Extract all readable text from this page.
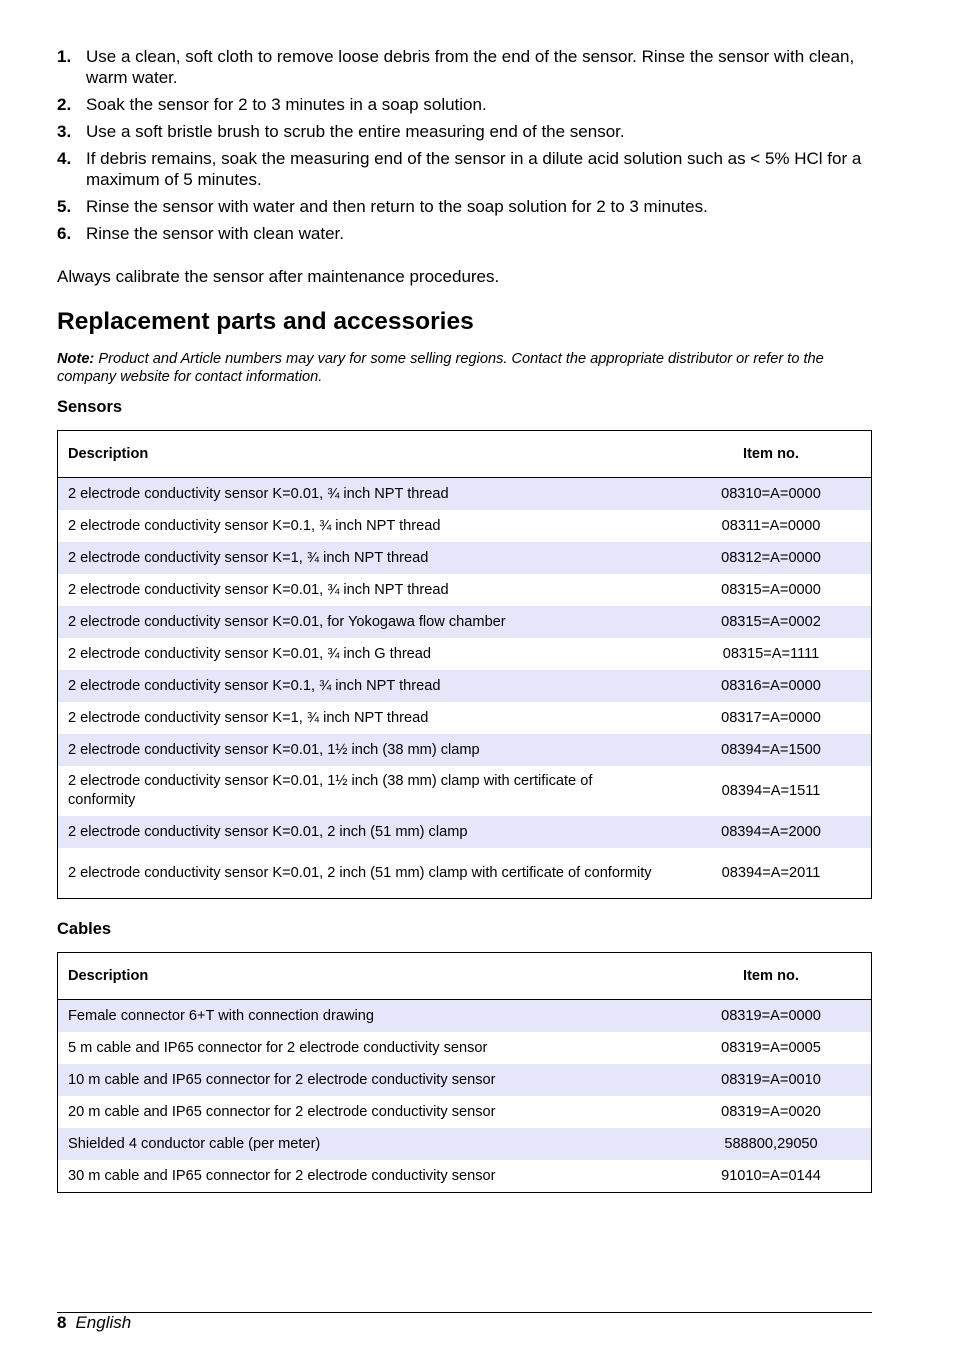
1. Use a clean, soft cloth to remove loose debris from the end of the sensor. Rinse the sensor with clean, warm water.
2. Soak the sensor for 2 to 3 minutes in a soap solution.
3. Use a soft bristle brush to scrub the entire measuring end of the sensor.
4. If debris remains, soak the measuring end of the sensor in a dilute acid solution such as < 5% HCl for a maximum of 5 minutes.
5. Rinse the sensor with water and then return to the soap solution for 2 to 3 minutes.
6. Rinse the sensor with clean water.
Always calibrate the sensor after maintenance procedures.
Replacement parts and accessories
Note: Product and Article numbers may vary for some selling regions. Contact the appropriate distributor or refer to the company website for contact information.
Sensors
Description	Item no.
2 electrode conductivity sensor K=0.01, ¾ inch NPT thread	08310=A=0000
2 electrode conductivity sensor K=0.1, ¾ inch NPT thread	08311=A=0000
2 electrode conductivity sensor K=1, ¾ inch NPT thread	08312=A=0000
2 electrode conductivity sensor K=0.01, ¾ inch NPT thread	08315=A=0000
2 electrode conductivity sensor K=0.01, for Yokogawa flow chamber	08315=A=0002
2 electrode conductivity sensor K=0.01, ¾ inch G thread	08315=A=1111
2 electrode conductivity sensor K=0.1, ¾ inch NPT thread	08316=A=0000
2 electrode conductivity sensor K=1, ¾ inch NPT thread	08317=A=0000
2 electrode conductivity sensor K=0.01, 1½ inch (38 mm) clamp	08394=A=1500
2 electrode conductivity sensor K=0.01, 1½ inch (38 mm) clamp with certificate of conformity	08394=A=1511
2 electrode conductivity sensor K=0.01, 2 inch (51 mm) clamp	08394=A=2000
2 electrode conductivity sensor K=0.01, 2 inch (51 mm) clamp with certificate of conformity	08394=A=2011
Cables
Description	Item no.
Female connector 6+T with connection drawing	08319=A=0000
5 m cable and IP65 connector for 2 electrode conductivity sensor	08319=A=0005
10 m cable and IP65 connector for 2 electrode conductivity sensor	08319=A=0010
20 m cable and IP65 connector for 2 electrode conductivity sensor	08319=A=0020
Shielded 4 conductor cable (per meter)	588800,29050
30 m cable and IP65 connector for 2 electrode conductivity sensor	91010=A=0144
8 English
